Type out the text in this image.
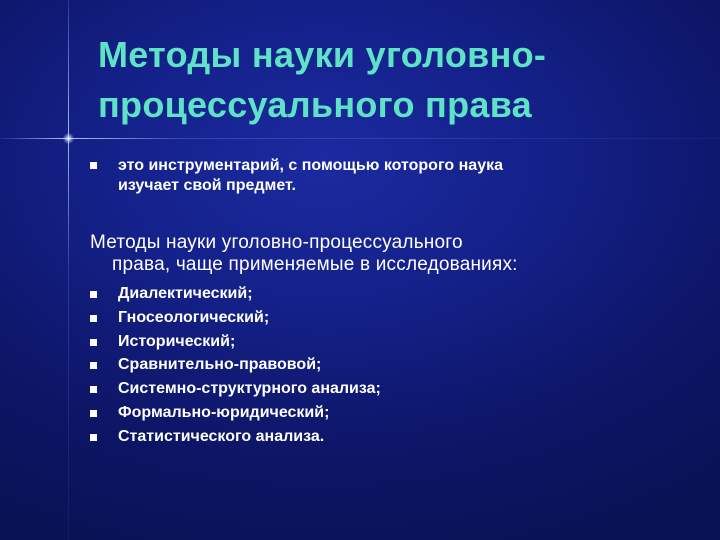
Методы науки уголовно-
процессуального права
это инструментарий, с помощью которого наука
изучает свой предмет.
Методы науки уголовно-процессуального
права, чаще применяемые в исследованиях:
Диалектический;
Гносеологический;
Исторический;
Сравнительно-правовой;
Системно-структурного анализа;
Формально-юридический;
Статистического анализа.
